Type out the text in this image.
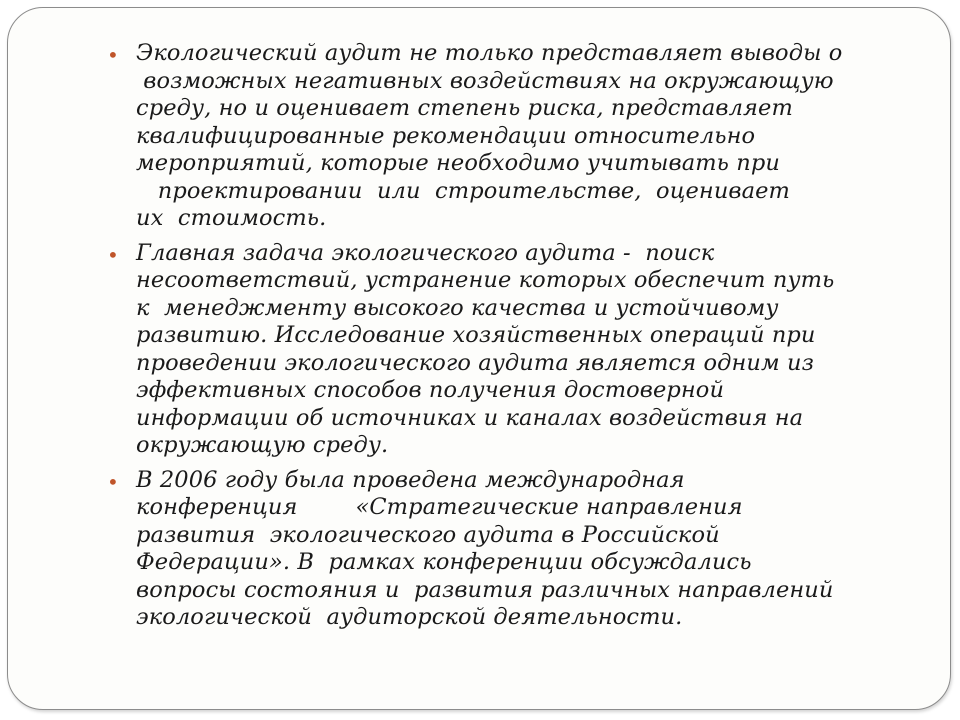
• Экологический аудит не только представляет выводы о
возможных негативных воздействиях на окружающую
среду, но и оценивает степень риска, представляет
квалифицированные рекомендации относительно
мероприятий, которые необходимо учитывать при
проектировании  или  строительстве,  оценивает
их  стоимость.
• Главная задача экологического аудита -  поиск
несоответствий, устранение которых обеспечит путь
к  менеджменту высокого качества и устойчивому
развитию. Исследование хозяйственных операций при
проведении экологического аудита является одним из
эффективных способов получения достоверной
информации об источниках и каналах воздействия на
окружающую среду.
• В 2006 году была проведена международная
конференция        «Стратегические направления
развития  экологического аудита в Российской
Федерации». В  рамках конференции обсуждались
вопросы состояния и  развития различных направлений
экологической  аудиторской деятельности.
